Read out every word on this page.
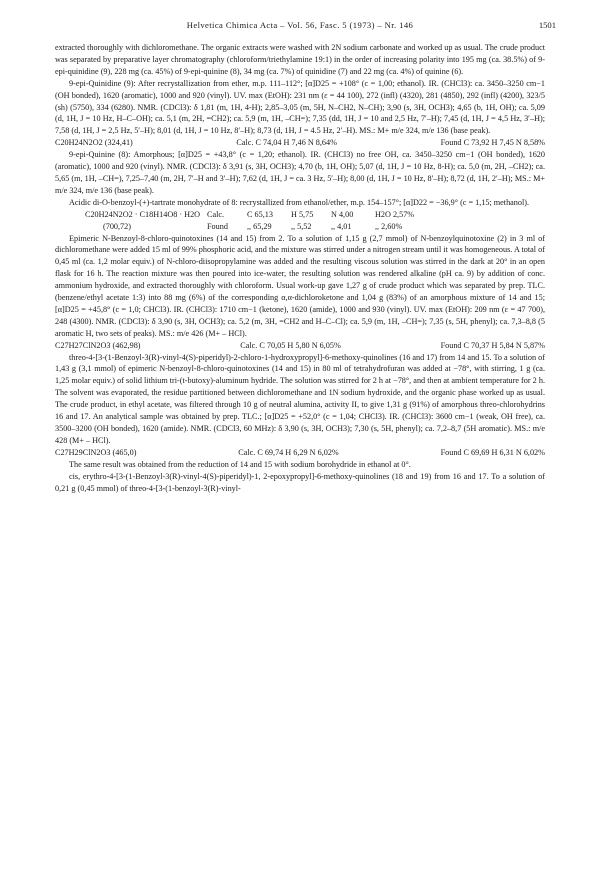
Helvetica Chimica Acta – Vol. 56, Fasc. 5 (1973) – Nr. 146	1501

extracted thoroughly with dichloromethane. The organic extracts were washed with 2N sodium carbonate and worked up as usual. The crude product was separated by preparative layer chromatography (chloroform/triethylamine 19:1) in the order of increasing polarity into 195 mg (ca. 38.5%) of 9-epi-quinidine (9), 228 mg (ca. 45%) of 9-epi-quinine (8), 34 mg (ca. 7%) of quinidine (7) and 22 mg (ca. 4%) of quinine (6).

9-epi-Quinidine (9): After recrystallization from ether, m.p. 111–112°; [α]D25 = +108° (c = 1,00; ethanol). IR. (CHCl3): ca. 3450–3250 cm−1 (OH bonded), 1620 (aromatic), 1000 and 920 (vinyl). UV. max (EtOH): 231 nm (ε = 44 100), 272 (infl) (4320), 281 (4850), 292 (infl) (4200), 323/5 (sh) (5750), 334 (6280). NMR. (CDCl3): δ 1,81 (m, 1H, 4-H); 2,85–3,05 (m, 5H, N–CH2, N–CH); 3,90 (s, 3H, OCH3); 4,65 (b, 1H, OH); ca. 5,09 (d, 1H, J = 10 Hz, H–C–OH); ca. 5,1 (m, 2H, =CH2); ca. 5,9 (m, 1H, –CH=); 7,35 (dd, 1H, J = 10 and 2,5 Hz, 7′–H); 7,45 (d, 1H, J = 4,5 Hz, 3′–H); 7,58 (d, 1H, J = 2,5 Hz, 5′–H); 8,01 (d, 1H, J = 10 Hz, 8′–H); 8,73 (d, 1H, J = 4.5 Hz, 2′–H). MS.: M+ m/e 324, m/e 136 (base peak).

C20H24N2O2 (324,41)	Calc. C 74,04 H 7,46 N 8,64%	Found C 73,92 H 7,45 N 8,58%

9-epi-Quinine (8): Amorphous; [α]D25 = +43,8° (c = 1,20; ethanol). IR. (CHCl3) no free OH, ca. 3450–3250 cm−1 (OH bonded), 1620 (aromatic), 1000 and 920 (vinyl). NMR. (CDCl3): δ 3,91 (s, 3H, OCH3); 4,70 (b, 1H, OH); 5,07 (d, 1H, J = 10 Hz, 8-H); ca. 5,0 (m, 2H, –CH2); ca. 5,65 (m, 1H, –CH=), 7,25–7,40 (m, 2H, 7′–H and 3′–H); 7,62 (d, 1H, J = ca. 3 Hz, 5′–H); 8,00 (d, 1H, J = 10 Hz, 8′–H); 8,72 (d, 1H, 2′–H); MS.: M+ m/e 324, m/e 136 (base peak).

Acidic di-O-benzoyl-(+)-tartrate monohydrate of 8: recrystallized from ethanol/ether, m.p. 154–157°; [α]D22 = −36,9° (c = 1,15; methanol).

C20H24N2O2 · C18H14O8 · H2O Calc.	C 65,13	H 5,75	N 4,00	H2O 2,57%
(700,72)	Found	,, 65,29	,, 5,52	,, 4,01	,, 2,60%

Epimeric N-Benzoyl-8-chloro-quinotoxines (14 and 15) from 2. To a solution of 1,15 g (2,7 mmol) of N-benzoylquinotoxine (2) in 3 ml of dichloromethane were added 15 ml of 99% phosphoric acid, and the mixture was stirred under a nitrogen stream until it was homogeneous. A total of 0,45 ml (ca. 1,2 molar equiv.) of N-chloro-diisopropylamine was added and the resulting viscous solution was stirred in the dark at 20° in an open flask for 16 h. The reaction mixture was then poured into ice-water, the resulting solution was rendered alkaline (pH ca. 9) by addition of conc. ammonium hydroxide, and extracted thoroughly with chloroform. Usual work-up gave 1,27 g of crude product which was separated by prep. TLC. (benzene/ethyl acetate 1:3) into 88 mg (6%) of the corresponding α,α-dichloroketone and 1,04 g (83%) of an amorphous mixture of 14 and 15; [α]D25 = +45,8° (c = 1,0; CHCl3). IR. (CHCl3): 1710 cm−1 (ketone), 1620 (amide), 1000 and 930 (vinyl). UV. max (EtOH): 209 nm (ε = 47 700), 248 (4300). NMR. (CDCl3): δ 3,90 (s, 3H, OCH3); ca. 5,2 (m, 3H, =CH2 and H–C–Cl); ca. 5,9 (m, 1H, –CH=); 7,35 (s, 5H, phenyl); ca. 7,3–8,8 (5 aromatic H, two sets of peaks). MS.: m/e 426 (M+ – HCl).

C27H27ClN2O3 (462,98)	Calc. C 70,05 H 5,80 N 6,05%	Found C 70,37 H 5,84 N 5,87%

threo-4-[3-(1-Benzoyl-3(R)-vinyl-4(S)-piperidyl)-2-chloro-1-hydroxypropyl]-6-methoxy-quinolines (16 and 17) from 14 and 15. To a solution of 1,43 g (3,1 mmol) of epimeric N-benzoyl-8-chloro-quinotoxines (14 and 15) in 80 ml of tetrahydrofuran was added at −78°, with stirring, 1 g (ca. 1,25 molar equiv.) of solid lithium tri-(t-butoxy)-aluminum hydride. The solution was stirred for 2 h at −78°, and then at ambient temperature for 2 h. The solvent was evaporated, the residue partitioned between dichloromethane and 1N sodium hydroxide, and the organic phase worked up as usual. The crude product, in ethyl acetate, was filtered through 10 g of neutral alumina, activity II, to give 1,31 g (91%) of amorphous threo-chlorohydrins 16 and 17. An analytical sample was obtained by prep. TLC.; [α]D25 = +52,0° (c = 1,04; CHCl3). IR. (CHCl3): 3600 cm−1 (weak, OH free), ca. 3500–3200 (OH bonded), 1620 (amide). NMR. (CDCl3, 60 MHz): δ 3,90 (s, 3H, OCH3); 7,30 (s, 5H, phenyl); ca. 7,2–8,7 (5H aromatic). MS.: m/e 428 (M+ – HCl).

C27H29ClN2O3 (465,0)	Calc. C 69,74 H 6,29 N 6,02%	Found C 69,69 H 6,31 N 6,02%

The same result was obtained from the reduction of 14 and 15 with sodium borohydride in ethanol at 0°.

cis, erythro-4-[3-(1-Benzoyl-3(R)-vinyl-4(S)-piperidyl)-1, 2-epoxypropyl]-6-methoxy-quinolines (18 and 19) from 16 and 17. To a solution of 0,21 g (0,45 mmol) of threo-4-[3-(1-benzoyl-3(R)-vinyl-
